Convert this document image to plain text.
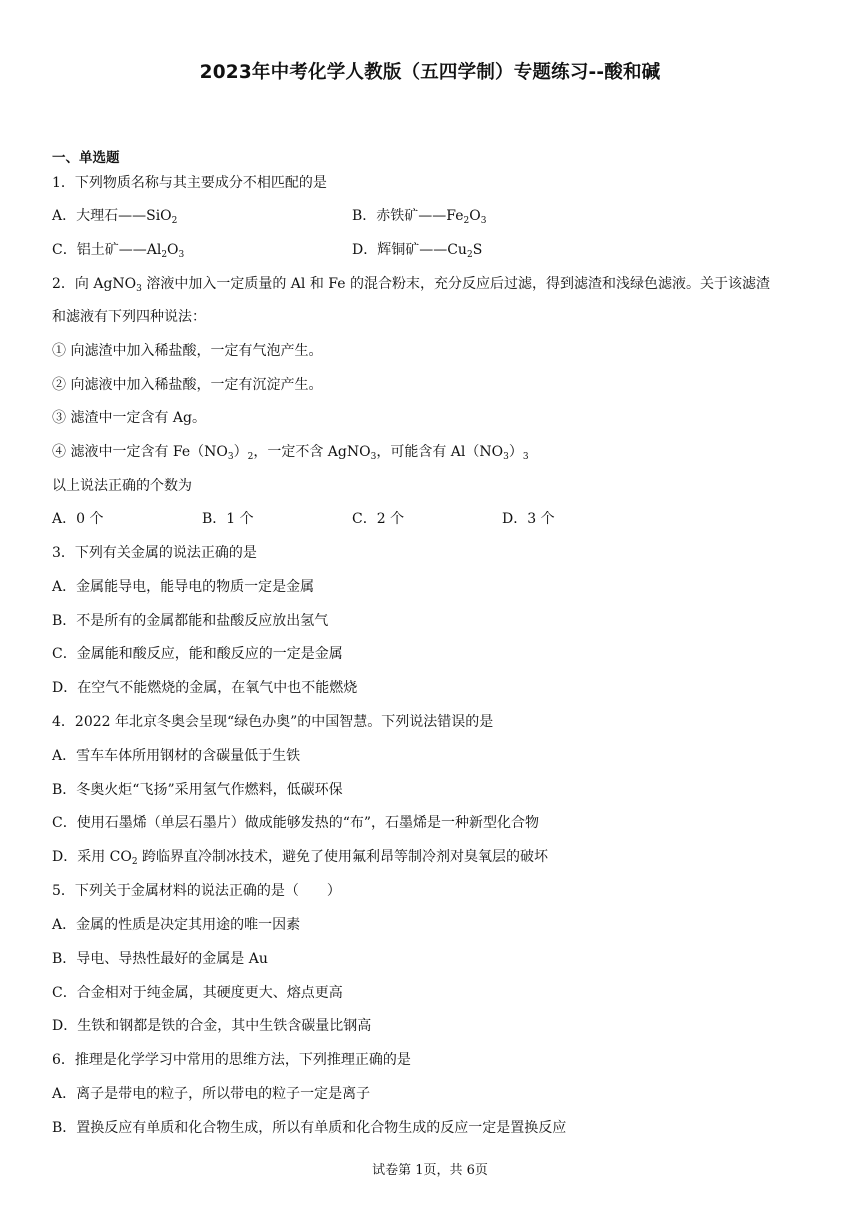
2023年中考化学人教版（五四学制）专题练习--酸和碱
一、单选题
1．下列物质名称与其主要成分不相匹配的是
A．大理石——SiO$_2$	B．赤铁矿$——Fe_2O_3$
C．铝土矿$——Al_2O_3$	D．辉铜矿$——Cu_2S$
2．向 AgNO$_3$ 溶液中加入一定质量的 Al 和 Fe 的混合粉末，充分反应后过滤，得到滤渣和浅绿色滤液。关于该滤渣
和滤液有下列四种说法：
① 向滤渣中加入稀盐酸，一定有气泡产生。
② 向滤液中加入稀盐酸，一定有沉淀产生。
③ 滤渣中一定含有 Ag。
④ 滤液中一定含有 $Fe(NO_3)_2$，一定不含 AgNO$_3$，可能含有 $Al(NO_3)_3$
以上说法正确的个数为
A．0 个	B．1 个	C．2 个	D．3 个
3．下列有关金属的说法正确的是
A．金属能导电，能导电的物质一定是金属
B．不是所有的金属都能和盐酸反应放出氢气
C．金属能和酸反应，能和酸反应的一定是金属
D．在空气不能燃烧的金属，在氧气中也不能燃烧
4．2022 年北京冬奥会呈现“绿色办奥”的中国智慧。下列说法错误的是
A．雪车车体所用钢材的含碳量低于生铁
B．冬奥火炬“飞扬”采用氢气作燃料，低碳环保
C．使用石墨烯（单层石墨片）做成能够发热的“布”，石墨烯是一种新型化合物
D．采用 $CO_2$ 跨临界直冷制冰技术，避免了使用氟利昂等制冷剂对臭氧层的破坏
5．下列关于金属材料的说法正确的是（　　）
A．金属的性质是决定其用途的唯一因素
B．导电、导热性最好的金属是 Au
C．合金相对于纯金属，其硬度更大、熔点更高
D．生铁和钢都是铁的合金，其中生铁含碳量比钢高
6．推理是化学学习中常用的思维方法，下列推理正确的是
A．离子是带电的粒子，所以带电的粒子一定是离子
B．置换反应有单质和化合物生成，所以有单质和化合物生成的反应一定是置换反应
试卷第 1页，共 6页
